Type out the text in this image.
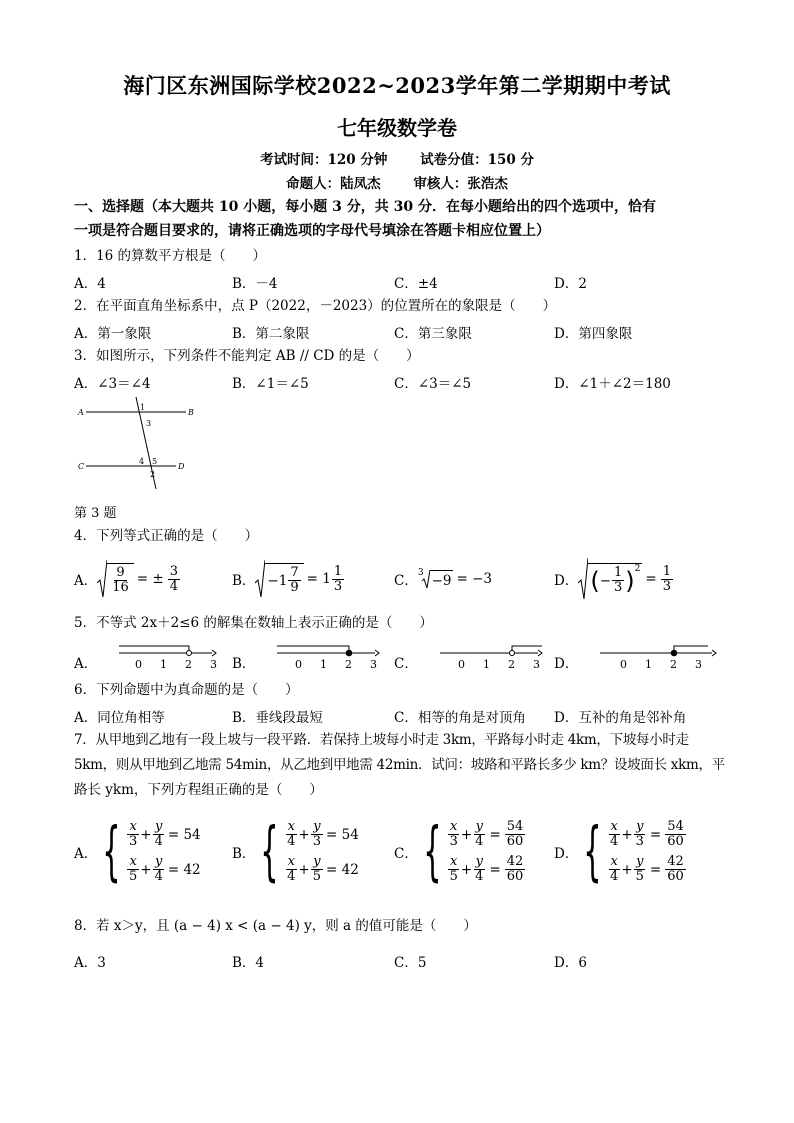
海门区东洲国际学校2022~2023学年第二学期期中考试
七年级数学卷
考试时间：120 分钟 试卷分值：150 分
命题人：陆凤杰 审核人：张浩杰
一、选择题（本大题共 10 小题，每小题 3 分，共 30 分．在每小题给出的四个选项中，恰有
一项是符合题目要求的，请将正确选项的字母代号填涂在答题卡相应位置上）
1．16 的算数平方根是（　　）
A．4	B．－4	C．±4	D．2
2．在平面直角坐标系中，点 P（2022，－2023）的位置所在的象限是（　　）
A．第一象限	B．第二象限	C．第三象限	D．第四象限
3．如图所示，下列条件不能判定 AB // CD 的是（　　）
A．∠3＝∠4	B．∠1＝∠5	C．∠3＝∠5	D．∠1＋∠2＝180
A	B
C	D
1
3
4 5
2
第 3 题
4．下列等式正确的是（　　）
A． $\frac{9}{16}$ = ± $\frac{3}{4}$	B． $-1 \frac{7}{9} = 1 \frac{1}{3}$	C． 3 −9 = −3	D． ( − $\frac{1}{3}$ ) 2
= $\frac{1}{3}$
5．不等式 2x＋2≤6 的解集在数轴上表示正确的是（　　）
A．	0 1 2 3 B．	0 1 2 3 C．	0 1 2 3 D．	0 1 2 3
6．下列命题中为真命题的是（　　）
A．同位角相等	B．垂线段最短	C．相等的角是对顶角 D．互补的角是邻补角
7．从甲地到乙地有一段上坡与一段平路．若保持上坡每小时走 3km，平路每小时走 4km，下坡每小时走
5km，则从甲地到乙地需 54min，从乙地到甲地需 42min．试问：坡路和平路长多少 km？设坡面长 xkm，平
路长 ykm，下列方程组正确的是（　　）
A． { $\frac{x}{3} + \frac{y}{4} = 54$
$\frac{x}{5} + \frac{y}{4} = 42$
B． { $\frac{x}{4} + \frac{y}{3} = 54$
$\frac{x}{4} + \frac{y}{5} = 42$
C． { $\frac{x}{3} + \frac{y}{4} = \frac{54}{60}$
$\frac{x}{5} + \frac{y}{4} = \frac{42}{60}$
D． { $\frac{x}{4} + \frac{y}{3} = \frac{54}{60}$
$\frac{x}{4} + \frac{y}{5} = \frac{42}{60}$
8．若 x＞y，且 (a − 4) x < (a − 4) y，则 a 的值可能是（　　）
A．3	B．4	C．5	D．6
